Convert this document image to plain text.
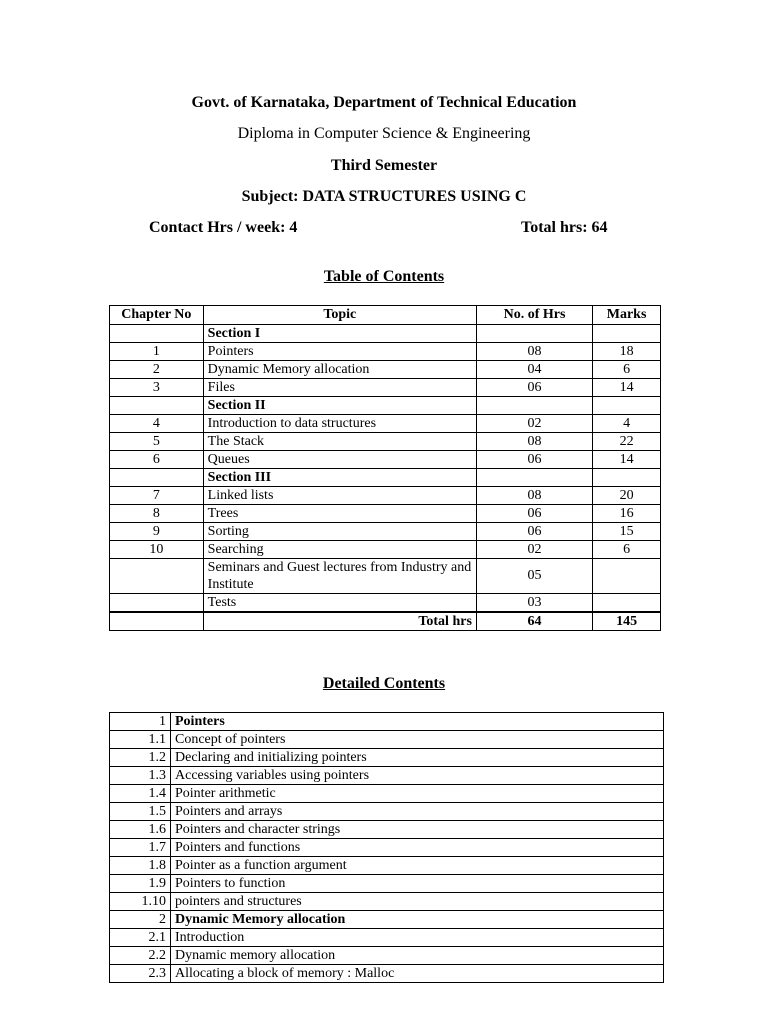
Govt. of Karnataka, Department of Technical Education
Diploma in Computer Science & Engineering
Third Semester
Subject: DATA STRUCTURES USING C
Contact Hrs / week: 4	Total hrs: 64
Table of Contents
Chapter No	Topic	No. of Hrs	Marks
	Section I		
1	Pointers	08	18
2	Dynamic Memory allocation	04	6
3	Files	06	14
	Section II		
4	Introduction to data structures	02	4
5	The Stack	08	22
6	Queues	06	14
	Section III		
7	Linked lists	08	20
8	Trees	06	16
9	Sorting	06	15
10	Searching	02	6
	Seminars and Guest lectures from Industry and Institute	05	
	Tests	03	
	Total hrs	64	145
Detailed Contents
1	Pointers
1.1	Concept of pointers
1.2	Declaring and initializing pointers
1.3	Accessing variables using pointers
1.4	Pointer arithmetic
1.5	Pointers and arrays
1.6	Pointers and character strings
1.7	Pointers and functions
1.8	Pointer as a function argument
1.9	Pointers to function
1.10	pointers and structures
2	Dynamic Memory allocation
2.1	Introduction
2.2	Dynamic memory allocation
2.3	Allocating a block of memory : Malloc
